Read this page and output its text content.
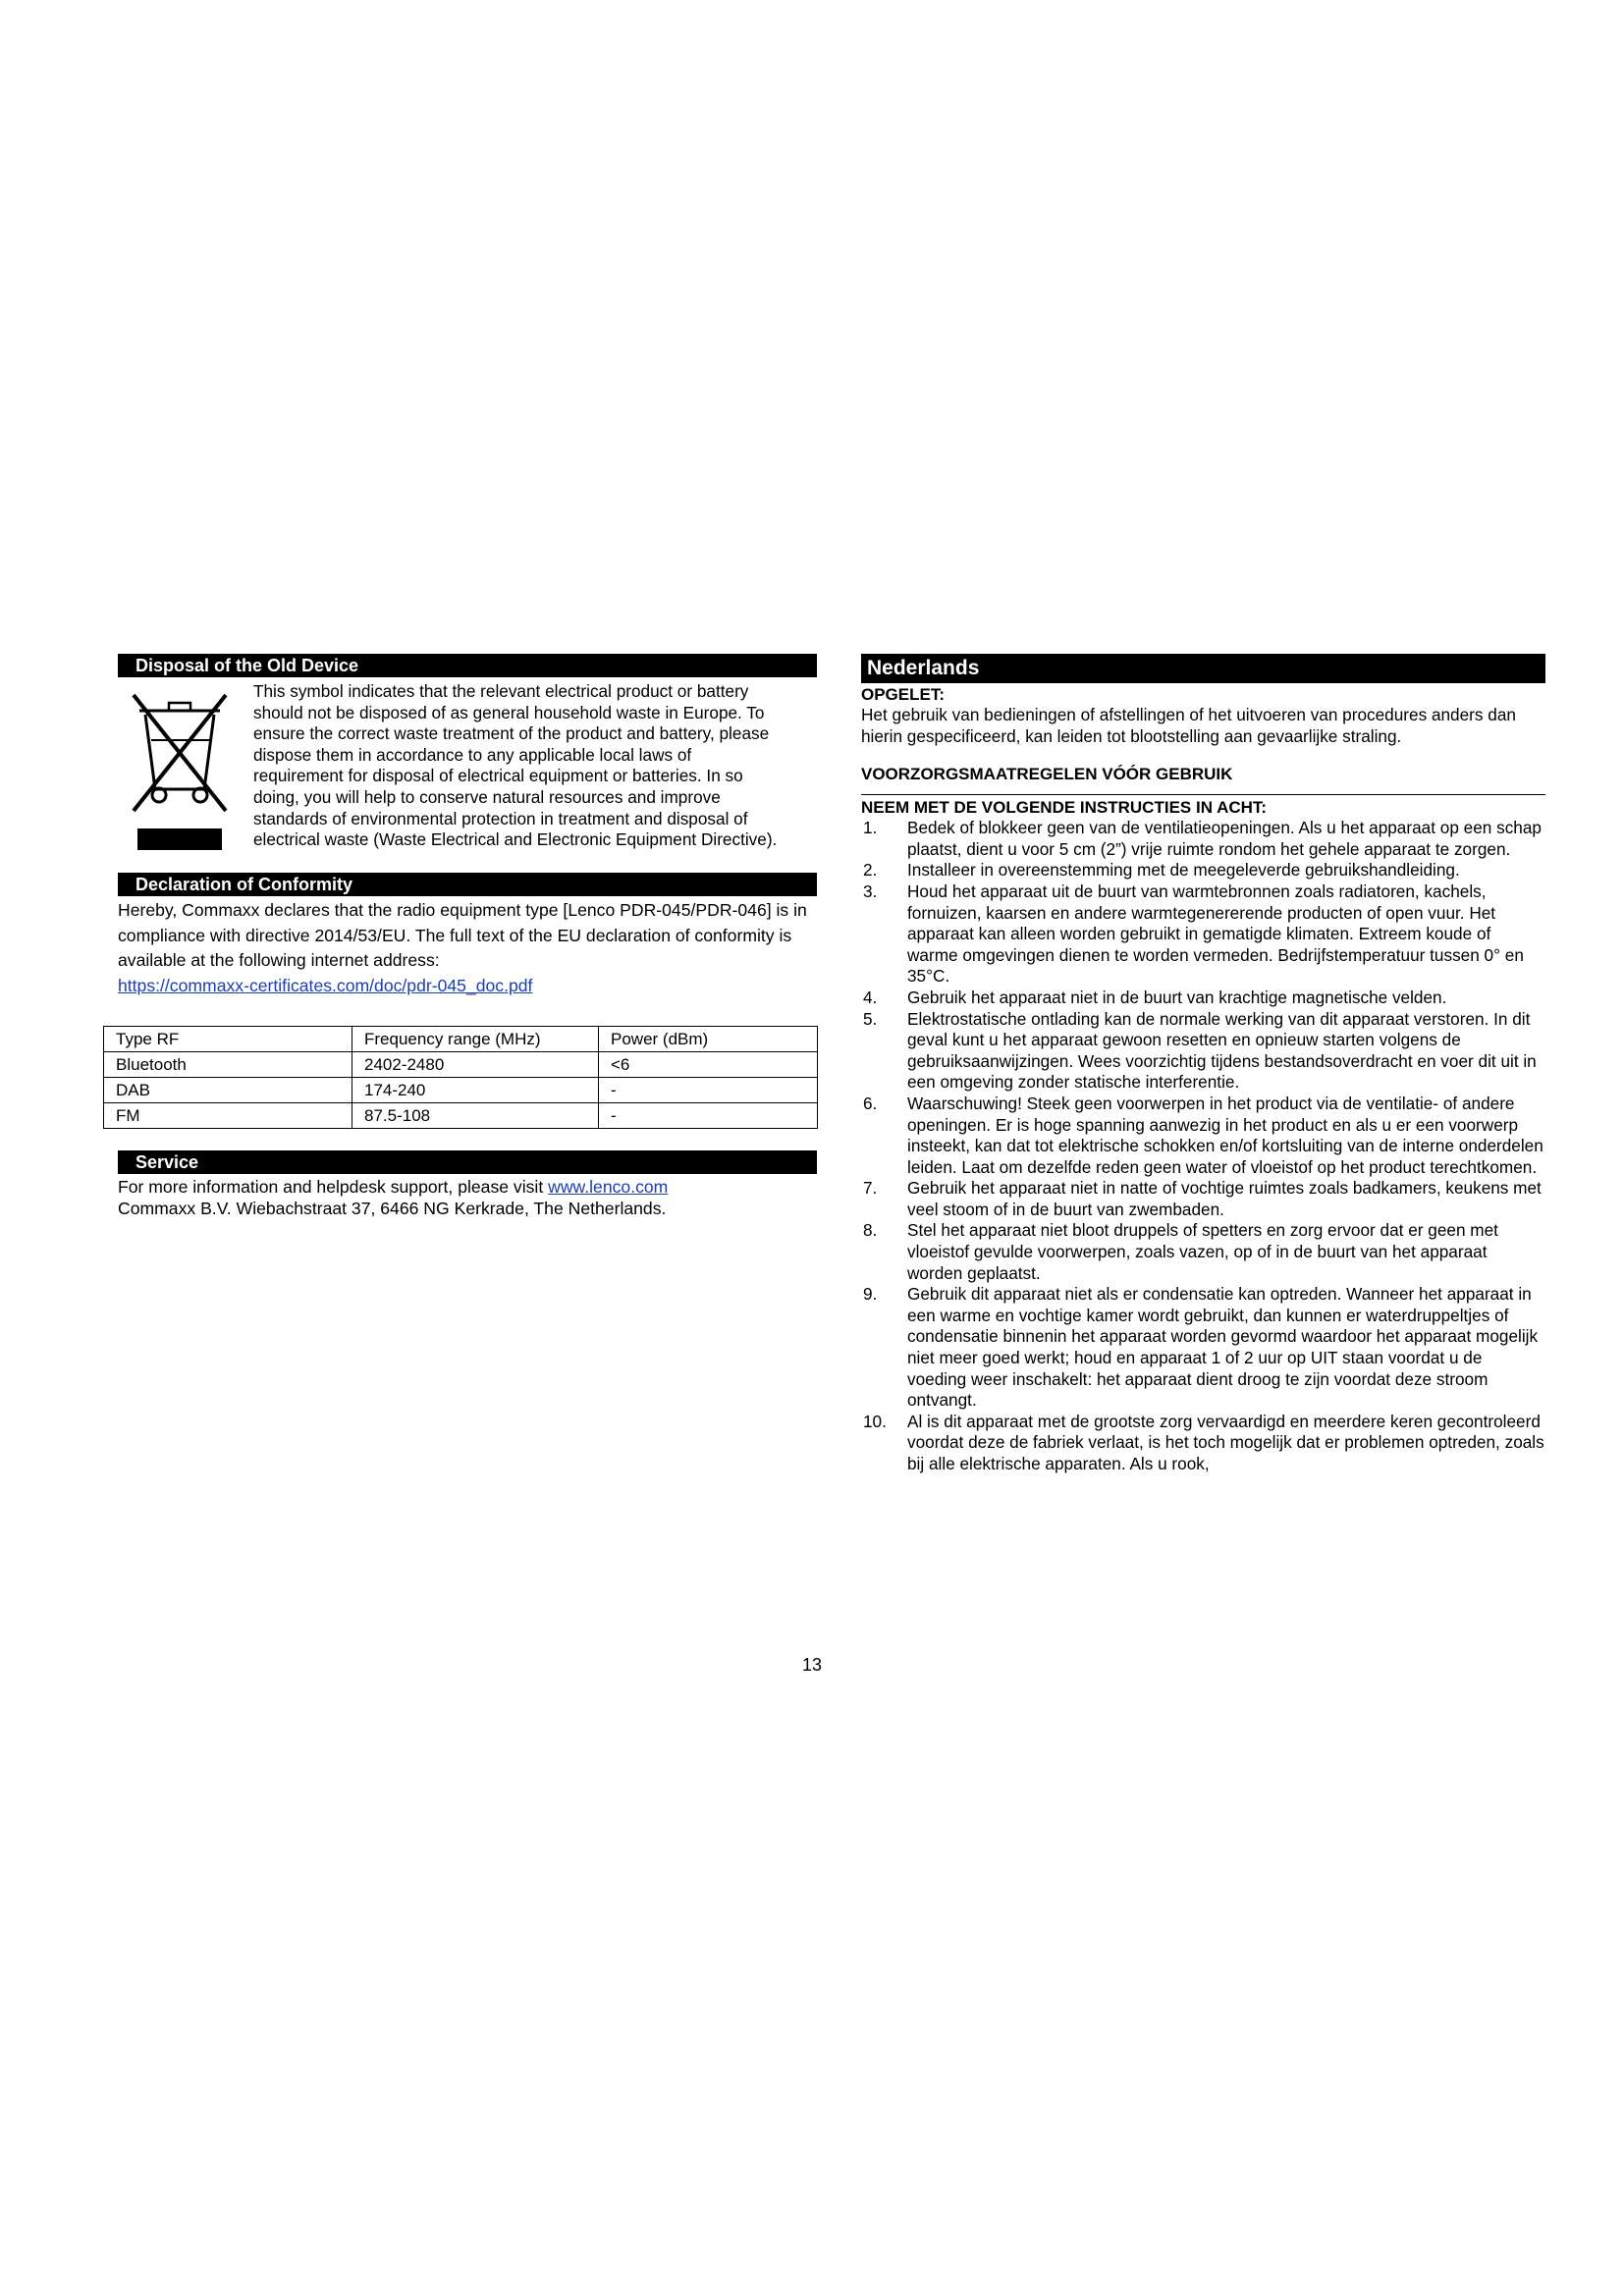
Disposal of the Old Device
This symbol indicates that the relevant electrical product or battery should not be disposed of as general household waste in Europe. To ensure the correct waste treatment of the product and battery, please dispose them in accordance to any applicable local laws of requirement for disposal of electrical equipment or batteries. In so doing, you will help to conserve natural resources and improve standards of environmental protection in treatment and disposal of electrical waste (Waste Electrical and Electronic Equipment Directive).
Declaration of Conformity
Hereby, Commaxx declares that the radio equipment type [Lenco PDR-045/PDR-046] is in compliance with directive 2014/53/EU. The full text of the EU declaration of conformity is available at the following internet address:
https://commaxx-certificates.com/doc/pdr-045_doc.pdf
Type RF	Frequency range (MHz)	Power (dBm)
Bluetooth	2402-2480	<6
DAB	174-240	-
FM	87.5-108	-
Service
For more information and helpdesk support, please visit www.lenco.com
Commaxx B.V. Wiebachstraat 37, 6466 NG Kerkrade, The Netherlands.
Nederlands
OPGELET:
Het gebruik van bedieningen of afstellingen of het uitvoeren van procedures anders dan hierin gespecificeerd, kan leiden tot blootstelling aan gevaarlijke straling.
VOORZORGSMAATREGELEN VÓÓR GEBRUIK
NEEM MET DE VOLGENDE INSTRUCTIES IN ACHT:
1.	Bedek of blokkeer geen van de ventilatieopeningen. Als u het apparaat op een schap plaatst, dient u voor 5 cm (2”) vrije ruimte rondom het gehele apparaat te zorgen.
2.	Installeer in overeenstemming met de meegeleverde gebruikshandleiding.
3.	Houd het apparaat uit de buurt van warmtebronnen zoals radiatoren, kachels, fornuizen, kaarsen en andere warmtegenererende producten of open vuur. Het apparaat kan alleen worden gebruikt in gematigde klimaten. Extreem koude of warme omgevingen dienen te worden vermeden. Bedrijfstemperatuur tussen 0° en 35°C.
4.	Gebruik het apparaat niet in de buurt van krachtige magnetische velden.
5.	Elektrostatische ontlading kan de normale werking van dit apparaat verstoren. In dit geval kunt u het apparaat gewoon resetten en opnieuw starten volgens de gebruiksaanwijzingen. Wees voorzichtig tijdens bestandsoverdracht en voer dit uit in een omgeving zonder statische interferentie.
6.	Waarschuwing! Steek geen voorwerpen in het product via de ventilatie- of andere openingen. Er is hoge spanning aanwezig in het product en als u er een voorwerp insteekt, kan dat tot elektrische schokken en/of kortsluiting van de interne onderdelen leiden. Laat om dezelfde reden geen water of vloeistof op het product terechtkomen.
7.	Gebruik het apparaat niet in natte of vochtige ruimtes zoals badkamers, keukens met veel stoom of in de buurt van zwembaden.
8.	Stel het apparaat niet bloot druppels of spetters en zorg ervoor dat er geen met vloeistof gevulde voorwerpen, zoals vazen, op of in de buurt van het apparaat worden geplaatst.
9.	Gebruik dit apparaat niet als er condensatie kan optreden. Wanneer het apparaat in een warme en vochtige kamer wordt gebruikt, dan kunnen er waterdruppeltjes of condensatie binnenin het apparaat worden gevormd waardoor het apparaat mogelijk niet meer goed werkt; houd en apparaat 1 of 2 uur op UIT staan voordat u de voeding weer inschakelt: het apparaat dient droog te zijn voordat deze stroom ontvangt.
10.	Al is dit apparaat met de grootste zorg vervaardigd en meerdere keren gecontroleerd voordat deze de fabriek verlaat, is het toch mogelijk dat er problemen optreden, zoals bij alle elektrische apparaten. Als u rook,
13
